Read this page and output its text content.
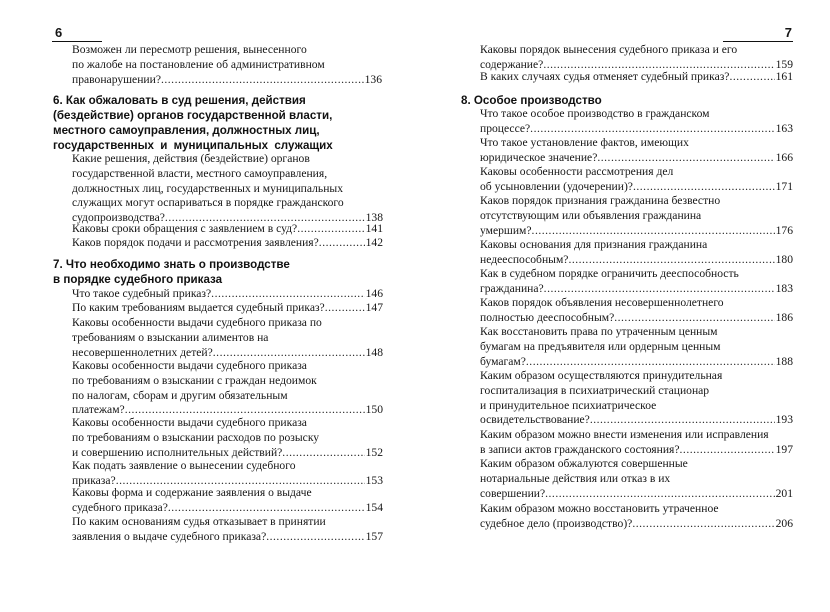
6
Возможен ли пересмотр решения, вынесенного
по жалобе на постановление об административном
правонарушении? .....	136
6. Как обжаловать в суд решения, действия
(бездействие) органов государственной власти,
местного самоуправления, должностных лиц,
государственных и муниципальных служащих
Какие решения, действия (бездействие) органов
государственной власти, местного самоуправления,
должностных лиц, государственных и муниципальных
служащих могут оспариваться в порядке гражданского
судопроизводства? .....	138
Каковы сроки обращения с заявлением в суд? .....	141
Каков порядок подачи и рассмотрения заявления? .....	142
7. Что необходимо знать о производстве
в порядке судебного приказа
Что такое судебный приказ? .....	146
По каким требованиям выдается судебный приказ? .....	147
Каковы особенности выдачи судебного приказа по
требованиям о взыскании алиментов на
несовершеннолетних детей? .....	148
Каковы особенности выдачи судебного приказа
по требованиям о взыскании с граждан недоимок
по налогам, сборам и другим обязательным
платежам? .....	150
Каковы особенности выдачи судебного приказа
по требованиям о взыскании расходов по розыску
и совершению исполнительных действий? .....	152
Как подать заявление о вынесении судебного
приказа? .....	153
Каковы форма и содержание заявления о выдаче
судебного приказа? .....	154
По каким основаниям судья отказывает в принятии
заявления о выдаче судебного приказа? .....	157
7
Каковы порядок вынесения судебного приказа и его
содержание? .....	159
В каких случаях судья отменяет судебный приказ? .....	161
8. Особое производство
Что такое особое производство в гражданском
процессе? .....	163
Что такое установление фактов, имеющих
юридическое значение? .....	166
Каковы особенности рассмотрения дел
об усыновлении (удочерении)? .....	171
Каков порядок признания гражданина безвестно
отсутствующим или объявления гражданина
умершим? .....	176
Каковы основания для признания гражданина
недееспособным? .....	180
Как в судебном порядке ограничить дееспособность
гражданина? .....	183
Каков порядок объявления несовершеннолетнего
полностью дееспособным? .....	186
Как восстановить права по утраченным ценным
бумагам на предъявителя или ордерным ценным
бумагам? .....	188
Каким образом осуществляются принудительная
госпитализация в психиатрический стационар
и принудительное психиатрическое
освидетельствование? .....	193
Каким образом можно внести изменения или исправления
в записи актов гражданского состояния? .....	197
Каким образом обжалуются совершенные
нотариальные действия или отказ в их
совершении? .....	201
Каким образом можно восстановить утраченное
судебное дело (производство)? .....	206
